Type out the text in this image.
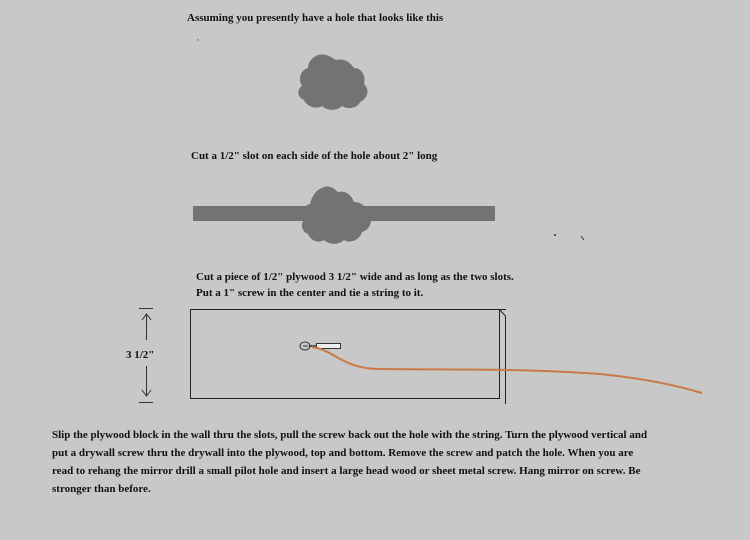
Assuming you presently have a hole that looks like this
Cut a 1/2" slot on each side of the hole about 2" long
Cut a piece of 1/2" plywood 3 1/2" wide and as long as the two slots.
Put a 1" screw in the center and tie a string to it.
3 1/2"
Slip the plywood block in the wall thru the slots, pull the screw back out the hole with the string. Turn the plywood vertical and
put a drywall screw thru the drywall into the plywood, top and bottom. Remove the screw and patch the hole. When you are
read to rehang the mirror drill a small pilot hole and insert a large head wood or sheet metal screw. Hang mirror on screw. Be
stronger than before.
